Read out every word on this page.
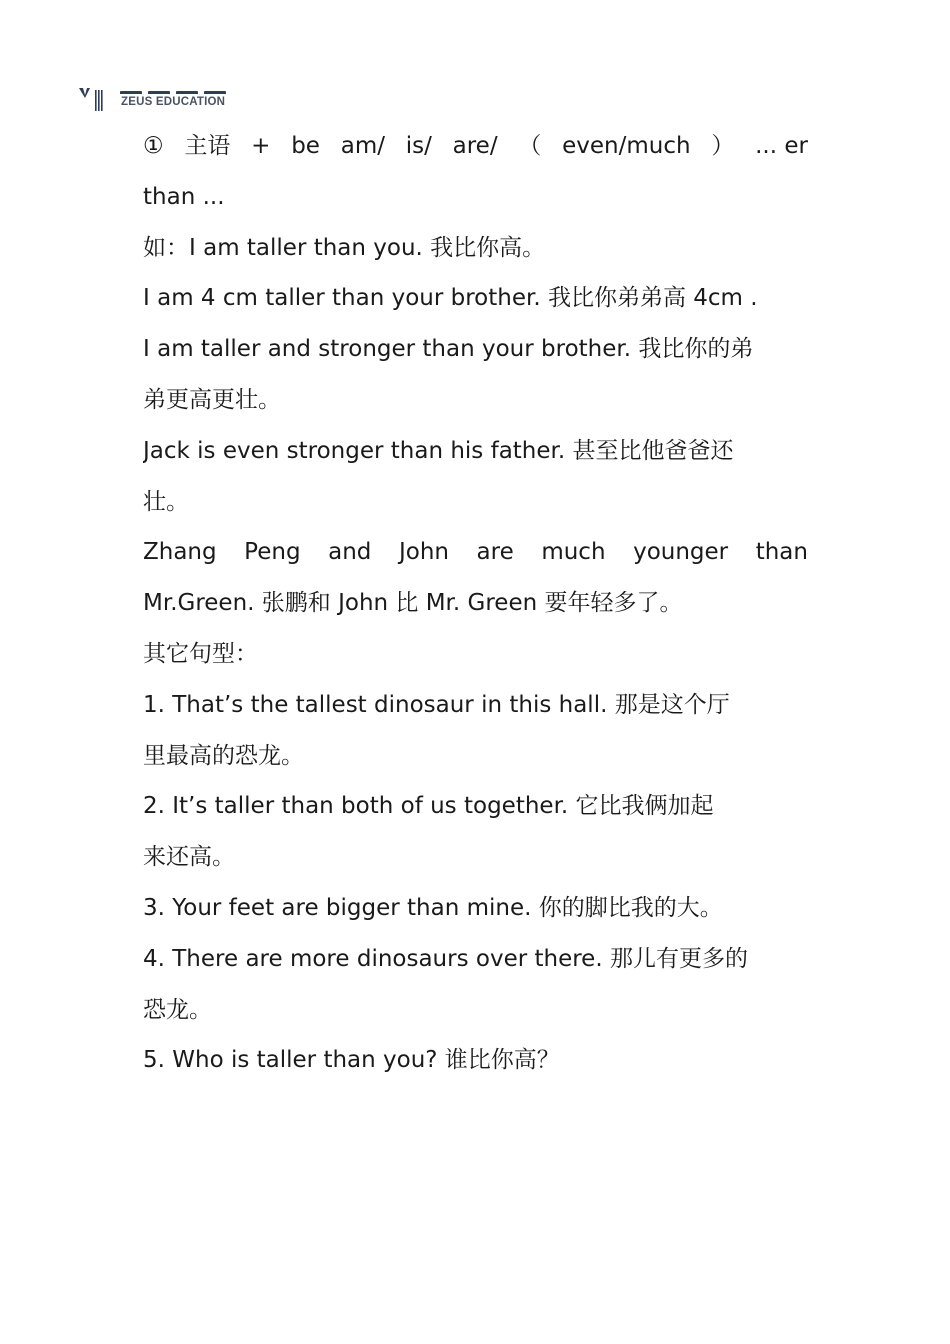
ZEUS EDUCATION
① 主语 + be am/ is/ are/ （ even/much ） ... er
than ...
如：I am taller than you. 我比你高。
I am 4 cm taller than your brother. 我比你弟弟高 4cm .
I am taller and stronger than your brother. 我比你的弟
弟更高更壮。
Jack is even stronger than his father. 甚至比他爸爸还
壮。
Zhang Peng and John are much younger than
Mr.Green. 张鹏和 John 比 Mr. Green 要年轻多了。
其它句型：
1. That’s the tallest dinosaur in this hall. 那是这个厅
里最高的恐龙。
2. It’s taller than both of us together. 它比我俩加起
来还高。
3. Your feet are bigger than mine. 你的脚比我的大。
4. There are more dinosaurs over there. 那儿有更多的
恐龙。
5. Who is taller than you? 谁比你高？
